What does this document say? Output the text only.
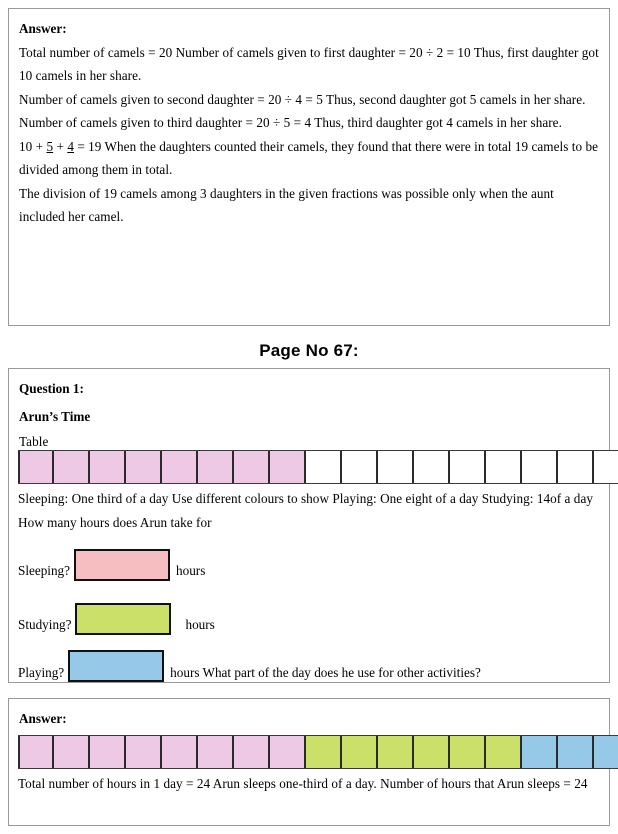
Answer:

Total number of camels = 20 Number of camels given to first daughter = 20 ÷ 2 = 10 Thus, first daughter got 10 camels in her share.

Number of camels given to second daughter = 20 ÷ 4 = 5 Thus, second daughter got 5 camels in her share.

Number of camels given to third daughter = 20 ÷ 5 = 4 Thus, third daughter got 4 camels in her share.

10 + 5 + 4 = 19 When the daughters counted their camels, they found that there were in total 19 camels to be divided among them in total.

The division of 19 camels among 3 daughters in the given fractions was possible only when the aunt included her camel.

Page No 67:

Question 1:

Arun’s Time

Table

Sleeping: One third of a day Use different colours to show Playing: One eight of a day Studying: 14of a day How many hours does Arun take for

Sleeping?	hours
Studying?	hours
Playing?	hours What part of the day does he use for other activities?

Answer:

Total number of hours in 1 day = 24 Arun sleeps one-third of a day. Number of hours that Arun sleeps = 24
